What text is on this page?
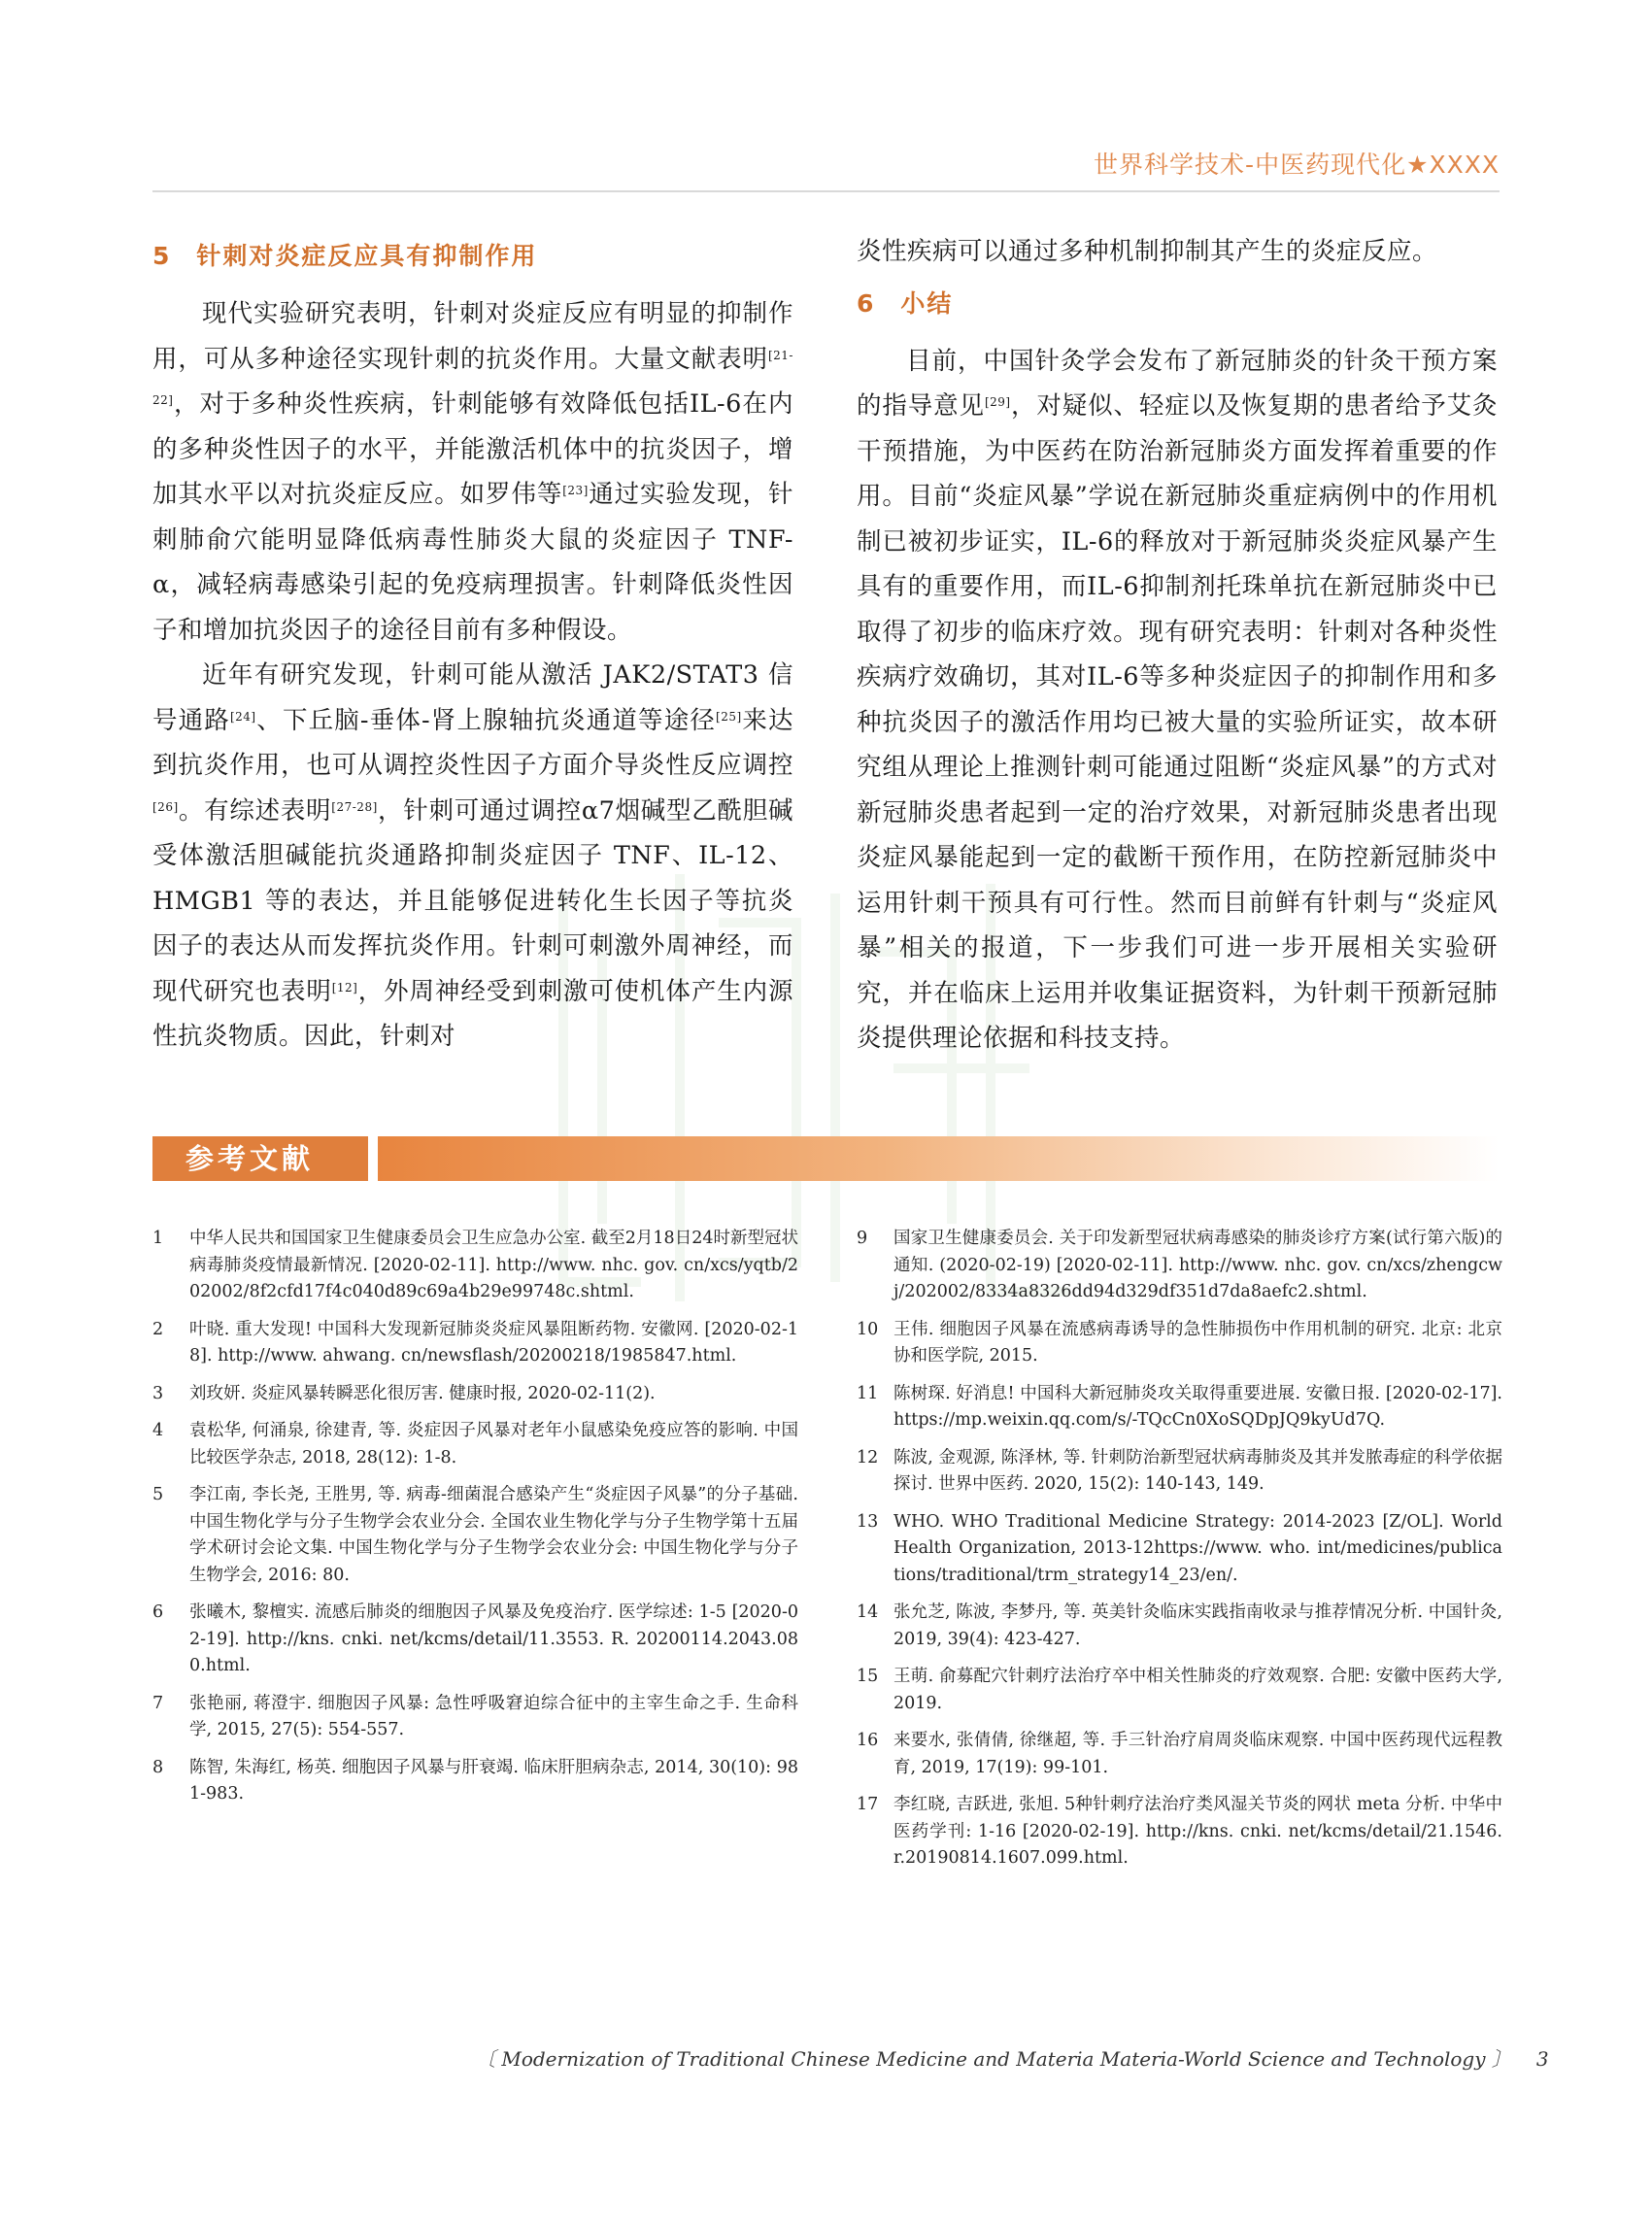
世界科学技术-中医药现代化★XXXX
5 针刺对炎症反应具有抑制作用

现代实验研究表明，针刺对炎症反应有明显的抑制作用，可从多种途径实现针刺的抗炎作用。大量文献表明[21-22]，对于多种炎性疾病，针刺能够有效降低包括IL-6在内的多种炎性因子的水平，并能激活机体中的抗炎因子，增加其水平以对抗炎症反应。如罗伟等[23]通过实验发现，针刺肺俞穴能明显降低病毒性肺炎大鼠的炎症因子 TNF-α，减轻病毒感染引起的免疫病理损害。针刺降低炎性因子和增加抗炎因子的途径目前有多种假设。

近年有研究发现，针刺可能从激活 JAK2/STAT3 信号通路[24]、下丘脑-垂体-肾上腺轴抗炎通道等途径[25]来达到抗炎作用，也可从调控炎性因子方面介导炎性反应调控[26]。有综述表明[27-28]，针刺可通过调控α7烟碱型乙酰胆碱受体激活胆碱能抗炎通路抑制炎症因子 TNF、IL-12、HMGB1 等的表达，并且能够促进转化生长因子等抗炎因子的表达从而发挥抗炎作用。针刺可刺激外周神经，而现代研究也表明[12]，外周神经受到刺激可使机体产生内源性抗炎物质。因此，针刺对

炎性疾病可以通过多种机制抑制其产生的炎症反应。

6 小结

目前，中国针灸学会发布了新冠肺炎的针灸干预方案的指导意见[29]，对疑似、轻症以及恢复期的患者给予艾灸干预措施，为中医药在防治新冠肺炎方面发挥着重要的作用。目前“炎症风暴”学说在新冠肺炎重症病例中的作用机制已被初步证实，IL-6的释放对于新冠肺炎炎症风暴产生具有的重要作用，而IL-6抑制剂托珠单抗在新冠肺炎中已取得了初步的临床疗效。现有研究表明：针刺对各种炎性疾病疗效确切，其对IL-6等多种炎症因子的抑制作用和多种抗炎因子的激活作用均已被大量的实验所证实，故本研究组从理论上推测针刺可能通过阻断“炎症风暴”的方式对新冠肺炎患者起到一定的治疗效果，对新冠肺炎患者出现炎症风暴能起到一定的截断干预作用，在防控新冠肺炎中运用针刺干预具有可行性。然而目前鲜有针刺与“炎症风暴”相关的报道，下一步我们可进一步开展相关实验研究，并在临床上运用并收集证据资料，为针刺干预新冠肺炎提供理论依据和科技支持。

参考文献
1	中华人民共和国国家卫生健康委员会卫生应急办公室. 截至2月18日24时新型冠状病毒肺炎疫情最新情况. [2020-02-11]. http://www. nhc. gov. cn/xcs/yqtb/202002/8f2cfd17f4c040d89c69a4b29e99748c.shtml.
2	叶晓. 重大发现! 中国科大发现新冠肺炎炎症风暴阻断药物. 安徽网. [2020-02-18]. http://www. ahwang. cn/newsflash/20200218/1985847.html.
3	刘玫妍. 炎症风暴转瞬恶化很厉害. 健康时报, 2020-02-11(2).
4	袁松华, 何涌泉, 徐建青, 等. 炎症因子风暴对老年小鼠感染免疫应答的影响. 中国比较医学杂志, 2018, 28(12): 1-8.
5	李江南, 李长尧, 王胜男, 等. 病毒-细菌混合感染产生“炎症因子风暴”的分子基础. 中国生物化学与分子生物学会农业分会. 全国农业生物化学与分子生物学第十五届学术研讨会论文集. 中国生物化学与分子生物学会农业分会: 中国生物化学与分子生物学会, 2016: 80.
6	张曦木, 黎檀实. 流感后肺炎的细胞因子风暴及免疫治疗. 医学综述: 1-5 [2020-02-19]. http://kns. cnki. net/kcms/detail/11.3553. R. 20200114.2043.080.html.
7	张艳丽, 蒋澄宇. 细胞因子风暴: 急性呼吸窘迫综合征中的主宰生命之手. 生命科学, 2015, 27(5): 554-557.
8	陈智, 朱海红, 杨英. 细胞因子风暴与肝衰竭. 临床肝胆病杂志, 2014, 30(10): 981-983.
9	国家卫生健康委员会. 关于印发新型冠状病毒感染的肺炎诊疗方案(试行第六版)的通知. (2020-02-19) [2020-02-11]. http://www. nhc. gov. cn/xcs/zhengcwj/202002/8334a8326dd94d329df351d7da8aefc2.shtml.
10 王伟. 细胞因子风暴在流感病毒诱导的急性肺损伤中作用机制的研究. 北京: 北京协和医学院, 2015.
11 陈树琛. 好消息! 中国科大新冠肺炎攻关取得重要进展. 安徽日报. [2020-02-17]. https://mp.weixin.qq.com/s/-TQcCn0XoSQDpJQ9kyUd7Q.
12 陈波, 金观源, 陈泽林, 等. 针刺防治新型冠状病毒肺炎及其并发脓毒症的科学依据探讨. 世界中医药. 2020, 15(2): 140-143, 149.
13 WHO. WHO Traditional Medicine Strategy: 2014-2023 [Z/OL]. World Health Organization, 2013-12https://www. who. int/medicines/publications/traditional/trm_strategy14_23/en/.
14 张允芝, 陈波, 李梦丹, 等. 英美针灸临床实践指南收录与推荐情况分析. 中国针灸, 2019, 39(4): 423-427.
15 王萌. 俞募配穴针刺疗法治疗卒中相关性肺炎的疗效观察. 合肥: 安徽中医药大学, 2019.
16 来要水, 张倩倩, 徐继超, 等. 手三针治疗肩周炎临床观察. 中国中医药现代远程教育, 2019, 17(19): 99-101.
17 李红晓, 吉跃进, 张旭. 5种针刺疗法治疗类风湿关节炎的网状 meta 分析. 中华中医药学刊: 1-16 [2020-02-19]. http://kns. cnki. net/kcms/detail/21.1546.r.20190814.1607.099.html.
〔 Modernization of Traditional Chinese Medicine and Materia Materia-World Science and Technology 〕 3
